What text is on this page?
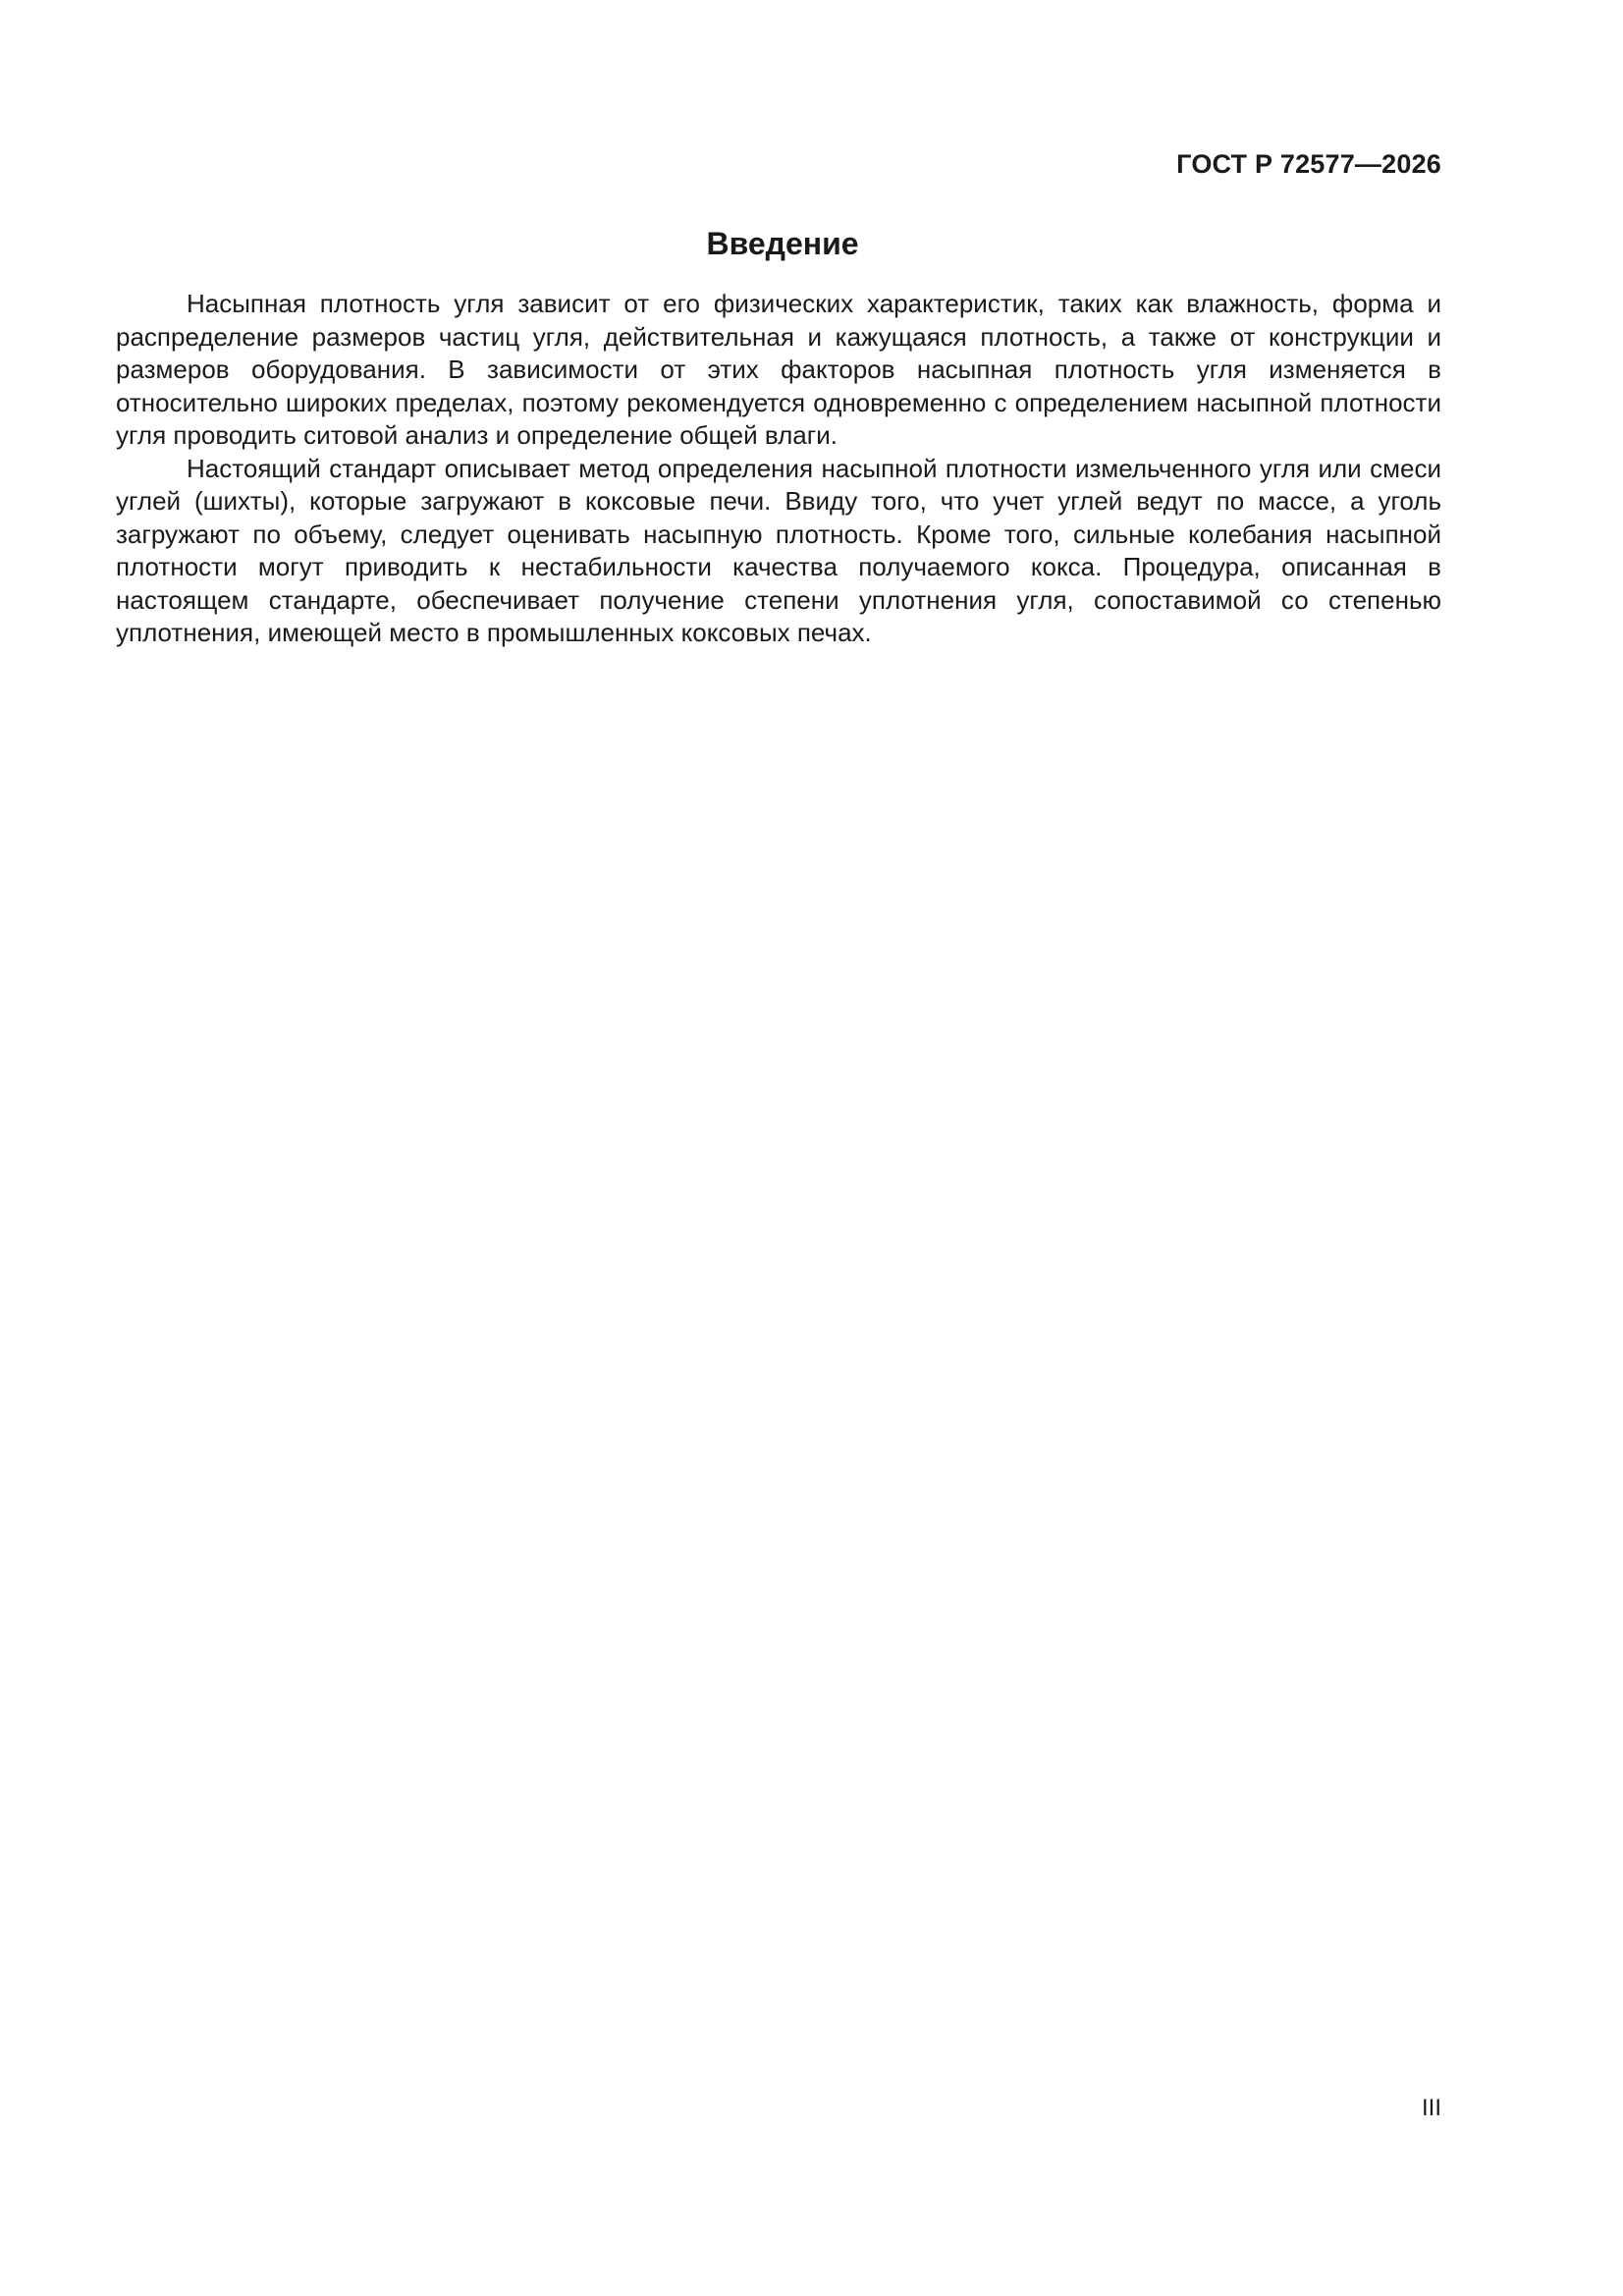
ГОСТ Р 72577—2026
Введение

Насыпная плотность угля зависит от его физических характеристик, таких как влажность, форма и распределение размеров частиц угля, действительная и кажущаяся плотность, а также от конструкции и размеров оборудования. В зависимости от этих факторов насыпная плотность угля изменяется в относительно широких пределах, поэтому рекомендуется одновременно с определением насыпной плотности угля проводить ситовой анализ и определение общей влаги.

Настоящий стандарт описывает метод определения насыпной плотности измельченного угля или смеси углей (шихты), которые загружают в коксовые печи. Ввиду того, что учет углей ведут по массе, а уголь загружают по объему, следует оценивать насыпную плотность. Кроме того, сильные колебания насыпной плотности могут приводить к нестабильности качества получаемого кокса. Процедура, описанная в настоящем стандарте, обеспечивает получение степени уплотнения угля, сопоставимой со степенью уплотнения, имеющей место в промышленных коксовых печах.

III
